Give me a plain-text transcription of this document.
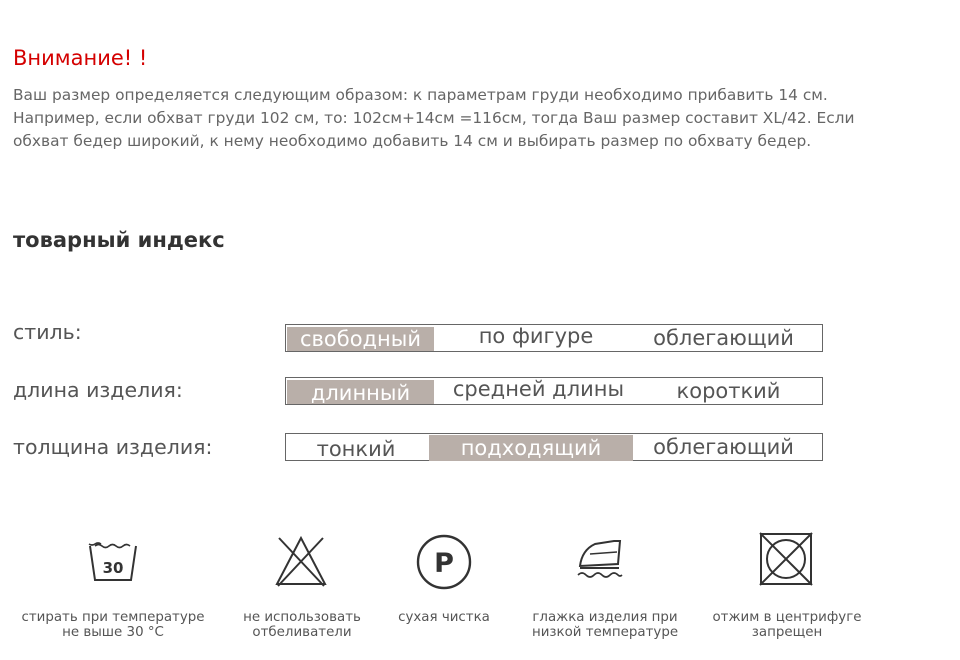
Внимание! !

Ваш размер определяется следующим образом: к параметрам груди необходимо прибавить 14 см. Например, если обхват груди 102 см, то: 102см+14см =116см, тогда Ваш размер составит XL/42. Если обхват бедер широкий, к нему необходимо добавить 14 см и выбирать размер по обхвату бедер.

товарный индекс
стиль:	свободный	по фигуре	облегающий
длина изделия:	длинный	средней длины	короткий
толщина изделия:	тонкий	подходящий	облегающий
30	P
стирать при температуре
не выше 30 °C
не использовать
отбеливатели
сухая чистка	глажка изделия при
низкой температуре
отжим в центрифуге
запрещен
